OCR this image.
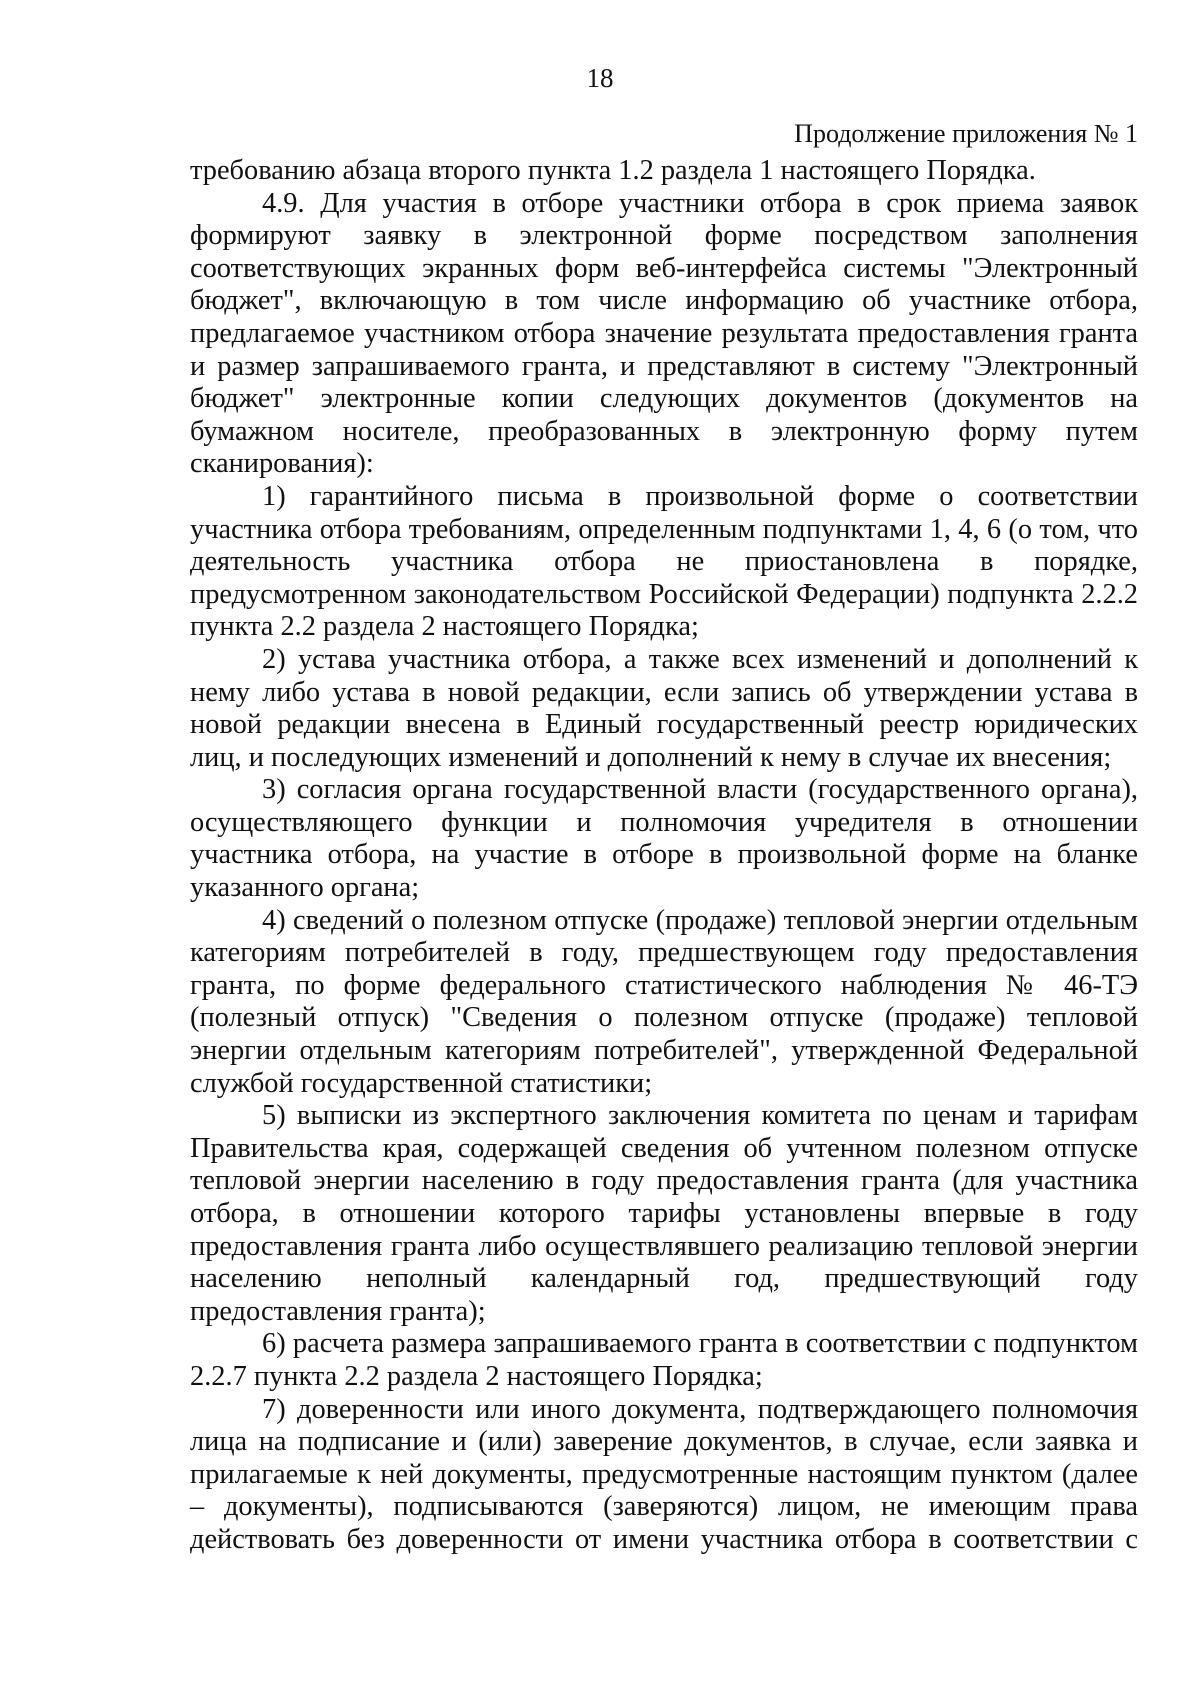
18
Продолжение приложения № 1

требованию абзаца второго пункта 1.2 раздела 1 настоящего Порядка.

4.9. Для участия в отборе участники отбора в срок приема заявок формируют заявку в электронной форме посредством заполнения соответствующих экранных форм веб-интерфейса системы "Электронный бюджет", включающую в том числе информацию об участнике отбора, предлагаемое участником отбора значение результата предоставления гранта и размер запрашиваемого гранта, и представляют в систему "Электронный бюджет" электронные копии следующих документов (документов на бумажном носителе, преобразованных в электронную форму путем сканирования):

1) гарантийного письма в произвольной форме о соответствии участника отбора требованиям, определенным подпунктами 1, 4, 6 (о том, что деятельность участника отбора не приостановлена в порядке, предусмотренном законодательством Российской Федерации) подпункта 2.2.2 пункта 2.2 раздела 2 настоящего Порядка;

2) устава участника отбора, а также всех изменений и дополнений к нему либо устава в новой редакции, если запись об утверждении устава в новой редакции внесена в Единый государственный реестр юридических лиц, и последующих изменений и дополнений к нему в случае их внесения;

3) согласия органа государственной власти (государственного органа), осуществляющего функции и полномочия учредителя в отношении участника отбора, на участие в отборе в произвольной форме на бланке указанного органа;

4) сведений о полезном отпуске (продаже) тепловой энергии отдельным категориям потребителей в году, предшествующем году предоставления гранта, по форме федерального статистического наблюдения № 46-ТЭ (полезный отпуск) "Сведения о полезном отпуске (продаже) тепловой энергии отдельным категориям потребителей", утвержденной Федеральной службой государственной статистики;

5) выписки из экспертного заключения комитета по ценам и тарифам Правительства края, содержащей сведения об учтенном полезном отпуске тепловой энергии населению в году предоставления гранта (для участника отбора, в отношении которого тарифы установлены впервые в году предоставления гранта либо осуществлявшего реализацию тепловой энергии населению неполный календарный год, предшествующий году предоставления гранта);

6) расчета размера запрашиваемого гранта в соответствии с подпунктом 2.2.7 пункта 2.2 раздела 2 настоящего Порядка;

7) доверенности или иного документа, подтверждающего полномочия лица на подписание и (или) заверение документов, в случае, если заявка и прилагаемые к ней документы, предусмотренные настоящим пунктом (далее – документы), подписываются (заверяются) лицом, не имеющим права действовать без доверенности от имени участника отбора в соответствии с
